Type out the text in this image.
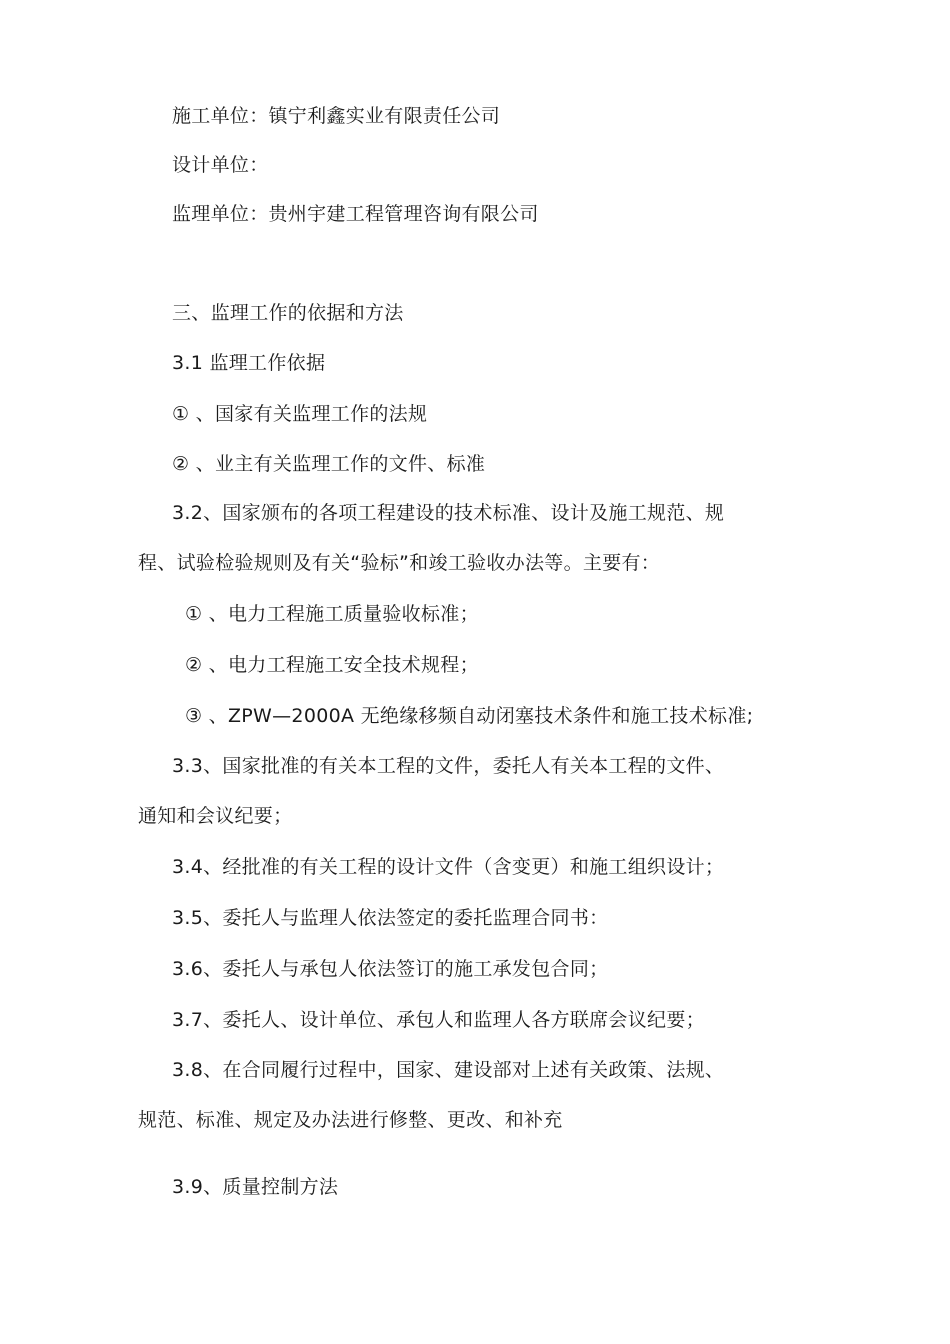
施工单位：镇宁利鑫实业有限责任公司
设计单位：
监理单位：贵州宇建工程管理咨询有限公司
三、监理工作的依据和方法
3.1 监理工作依据
① 、国家有关监理工作的法规
② 、业主有关监理工作的文件、标准
3.2、国家颁布的各项工程建设的技术标准、设计及施工规范、规
程、试验检验规则及有关“验标”和竣工验收办法等。主要有：
① 、电力工程施工质量验收标准；
② 、电力工程施工安全技术规程；
③ 、ZPW—2000A 无绝缘移频自动闭塞技术条件和施工技术标准;
3.3、国家批准的有关本工程的文件，委托人有关本工程的文件、
通知和会议纪要；
3.4、经批准的有关工程的设计文件（含变更）和施工组织设计；
3.5、委托人与监理人依法签定的委托监理合同书：
3.6、委托人与承包人依法签订的施工承发包合同；
3.7、委托人、设计单位、承包人和监理人各方联席会议纪要；
3.8、在合同履行过程中，国家、建设部对上述有关政策、法规、
规范、标准、规定及办法进行修整、更改、和补充
3.9、质量控制方法
